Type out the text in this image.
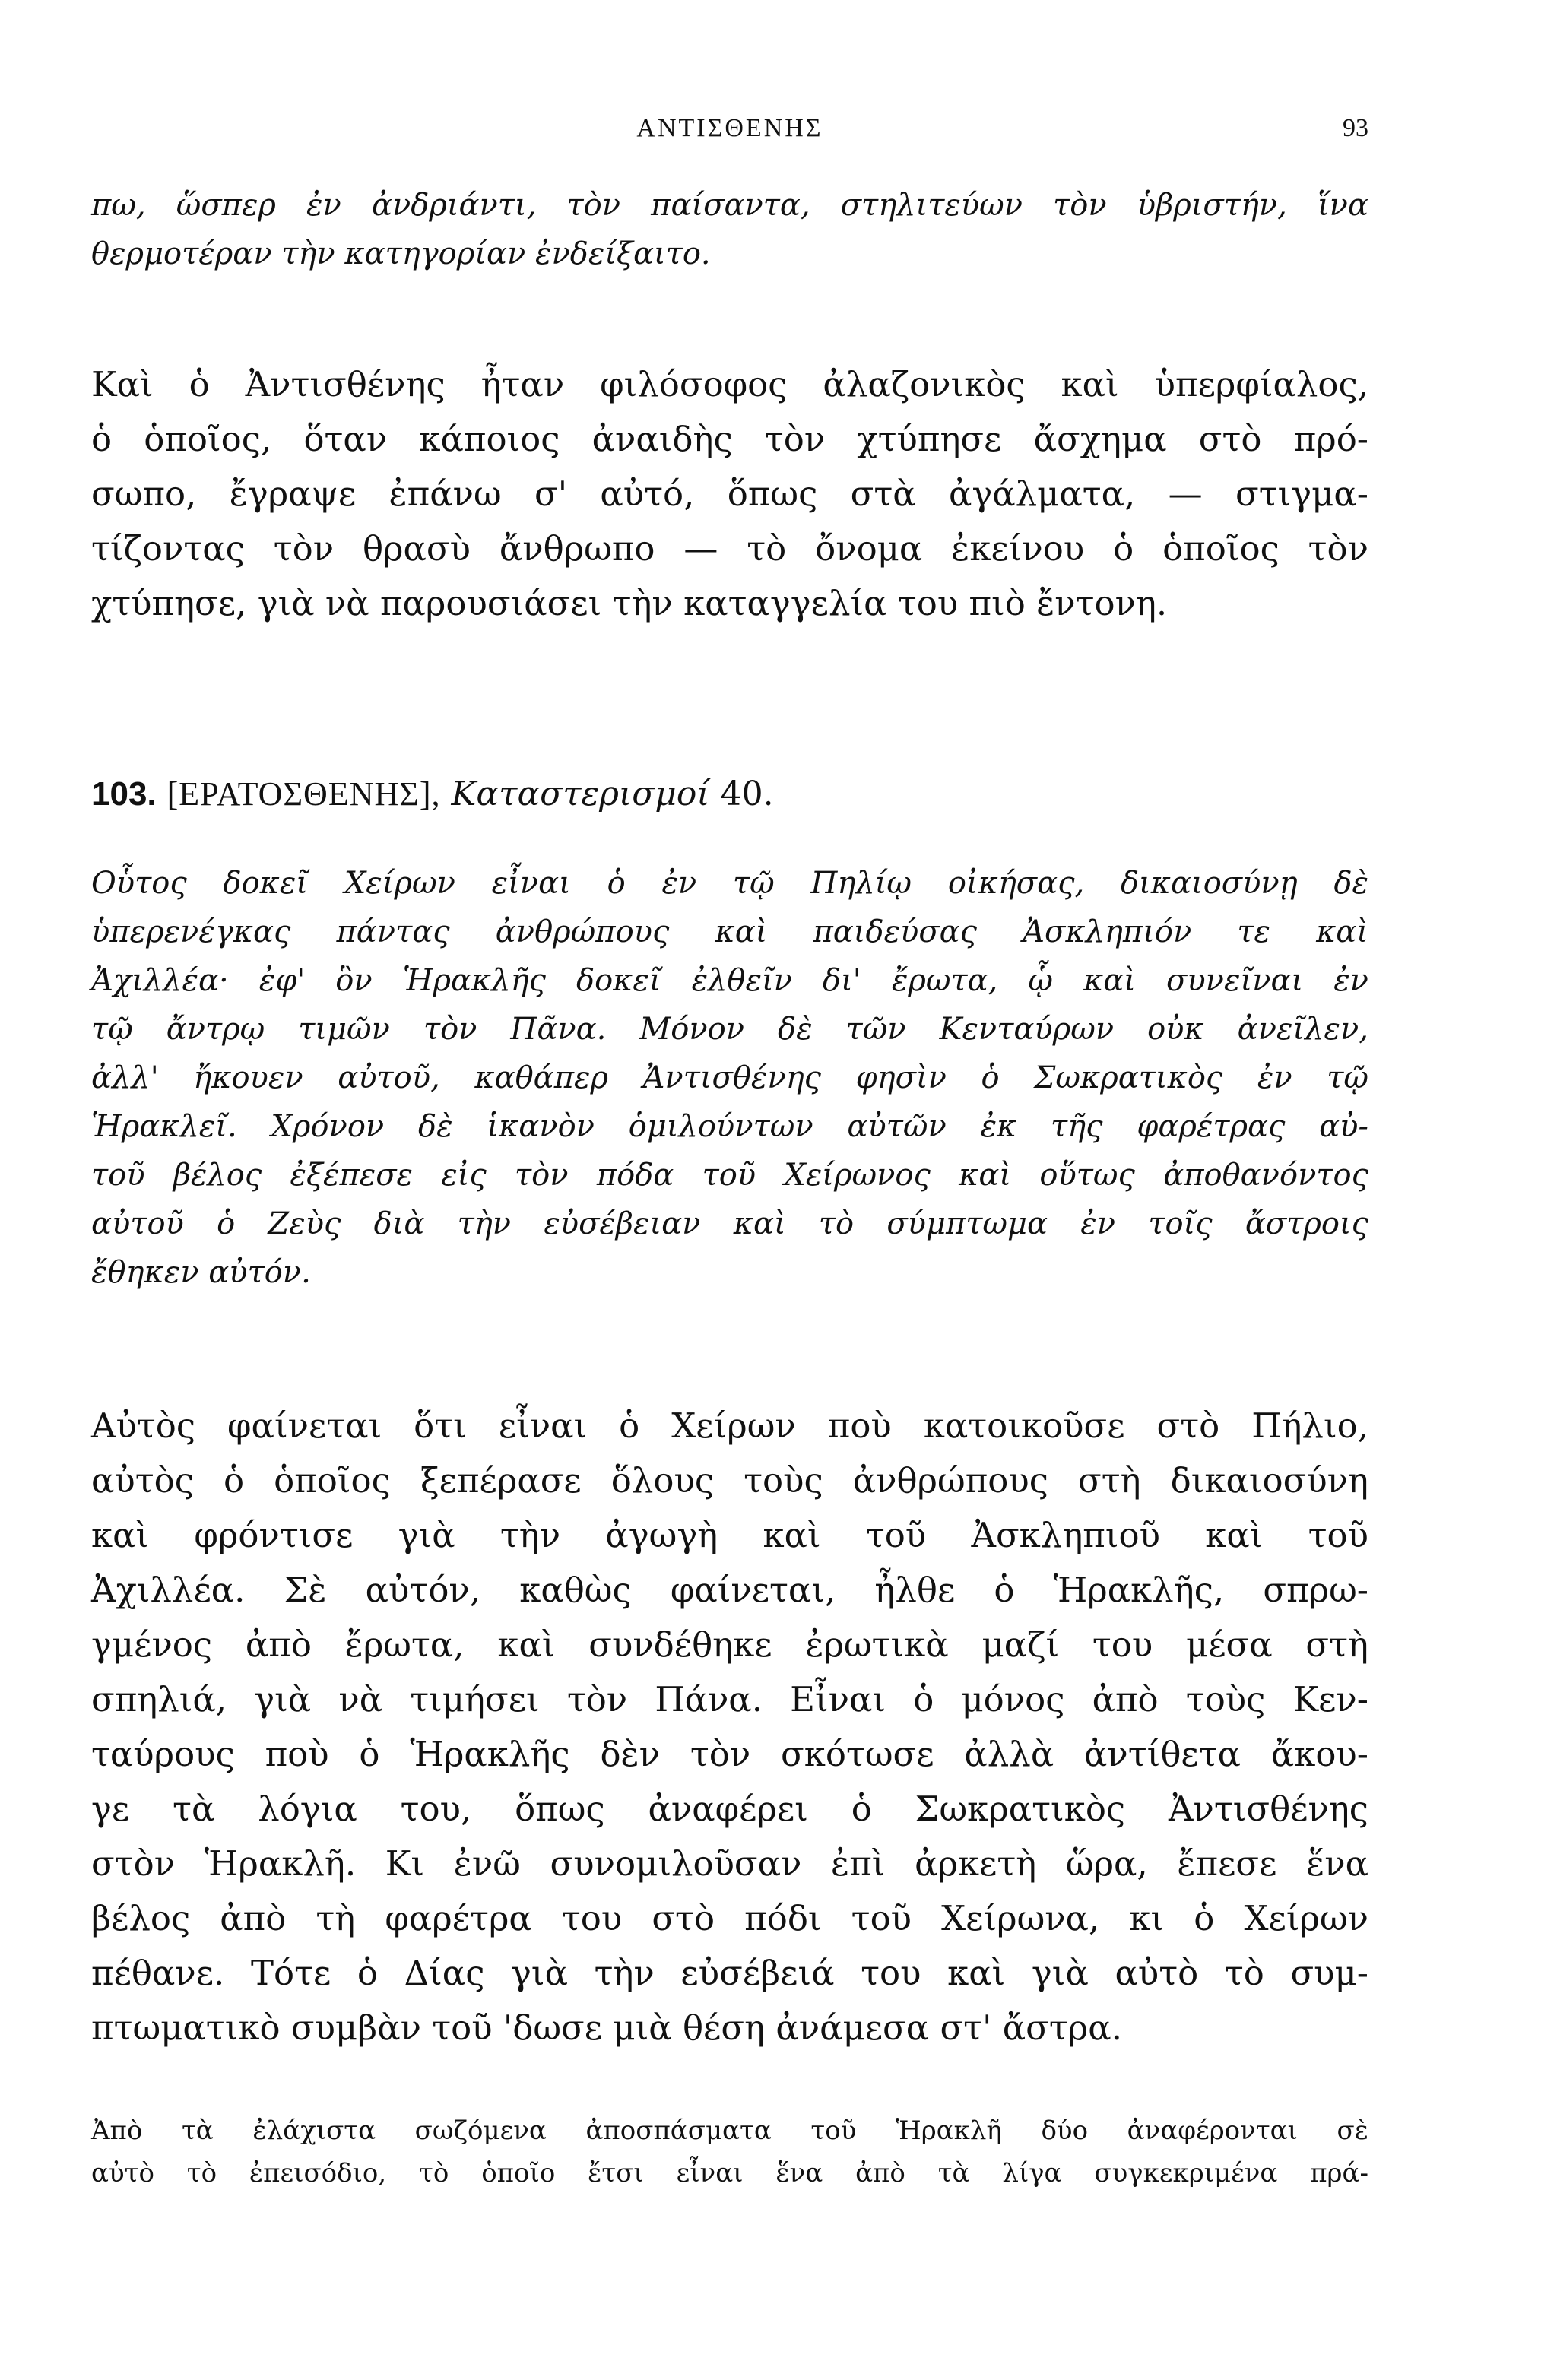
ΑΝΤΙΣΘΕΝΗΣ	93
πω, ὥσπερ ἐν ἀνδριάντι, τὸν παίσαντα, στηλιτεύων τὸν ὑβριστήν, ἵνα
θερμοτέραν τὴν κατηγορίαν ἐνδείξαιτο.
Καὶ ὁ Ἀντισθένης ἦταν φιλόσοφος ἀλαζονικὸς καὶ ὑπερφίαλος,
ὁ ὁποῖος, ὅταν κάποιος ἀναιδὴς τὸν χτύπησε ἄσχημα στὸ πρό-
σωπο, ἔγραψε ἐπάνω σ' αὐτό, ὅπως στὰ ἀγάλματα, — στιγμα-
τίζοντας τὸν θρασὺ ἄνθρωπο — τὸ ὄνομα ἐκείνου ὁ ὁποῖος τὸν
χτύπησε, γιὰ νὰ παρουσιάσει τὴν καταγγελία του πιὸ ἔντονη.
103. [ΕΡΑΤΟΣΘΕΝΗΣ], Καταστερισμοί 40.
Οὗτος δοκεῖ Χείρων εἶναι ὁ ἐν τῷ Πηλίῳ οἰκήσας, δικαιοσύνῃ δὲ
ὑπερενέγκας πάντας ἀνθρώπους καὶ παιδεύσας Ἀσκληπιόν τε καὶ
Ἀχιλλέα· ἐφ' ὃν Ἡρακλῆς δοκεῖ ἐλθεῖν δι' ἔρωτα, ᾧ καὶ συνεῖναι ἐν
τῷ ἄντρῳ τιμῶν τὸν Πᾶνα. Μόνον δὲ τῶν Κενταύρων οὐκ ἀνεῖλεν,
ἀλλ' ἤκουεν αὐτοῦ, καθάπερ Ἀντισθένης φησὶν ὁ Σωκρατικὸς ἐν τῷ
Ἡρακλεῖ. Χρόνον δὲ ἱκανὸν ὁμιλούντων αὐτῶν ἐκ τῆς φαρέτρας αὐ-
τοῦ βέλος ἐξέπεσε εἰς τὸν πόδα τοῦ Χείρωνος καὶ οὕτως ἀποθανόντος
αὐτοῦ ὁ Ζεὺς διὰ τὴν εὐσέβειαν καὶ τὸ σύμπτωμα ἐν τοῖς ἄστροις
ἔθηκεν αὐτόν.
Αὐτὸς φαίνεται ὅτι εἶναι ὁ Χείρων ποὺ κατοικοῦσε στὸ Πήλιο,
αὐτὸς ὁ ὁποῖος ξεπέρασε ὅλους τοὺς ἀνθρώπους στὴ δικαιοσύνη
καὶ φρόντισε γιὰ τὴν ἀγωγὴ καὶ τοῦ Ἀσκληπιοῦ καὶ τοῦ
Ἀχιλλέα. Σὲ αὐτόν, καθὼς φαίνεται, ἦλθε ὁ Ἡρακλῆς, σπρω-
γμένος ἀπὸ ἔρωτα, καὶ συνδέθηκε ἐρωτικὰ μαζί του μέσα στὴ
σπηλιά, γιὰ νὰ τιμήσει τὸν Πάνα. Εἶναι ὁ μόνος ἀπὸ τοὺς Κεν-
ταύρους ποὺ ὁ Ἡρακλῆς δὲν τὸν σκότωσε ἀλλὰ ἀντίθετα ἄκου-
γε τὰ λόγια του, ὅπως ἀναφέρει ὁ Σωκρατικὸς Ἀντισθένης
στὸν Ἡρακλῆ. Κι ἐνῶ συνομιλοῦσαν ἐπὶ ἀρκετὴ ὥρα, ἔπεσε ἕνα
βέλος ἀπὸ τὴ φαρέτρα του στὸ πόδι τοῦ Χείρωνα, κι ὁ Χείρων
πέθανε. Τότε ὁ Δίας γιὰ τὴν εὐσέβειά του καὶ γιὰ αὐτὸ τὸ συμ-
πτωματικὸ συμβὰν τοῦ 'δωσε μιὰ θέση ἀνάμεσα στ' ἄστρα.
Ἀπὸ τὰ ἐλάχιστα σωζόμενα ἀποσπάσματα τοῦ Ἡρακλῆ δύο ἀναφέρονται σὲ
αὐτὸ τὸ ἐπεισόδιο, τὸ ὁποῖο ἔτσι εἶναι ἕνα ἀπὸ τὰ λίγα συγκεκριμένα πρά-
